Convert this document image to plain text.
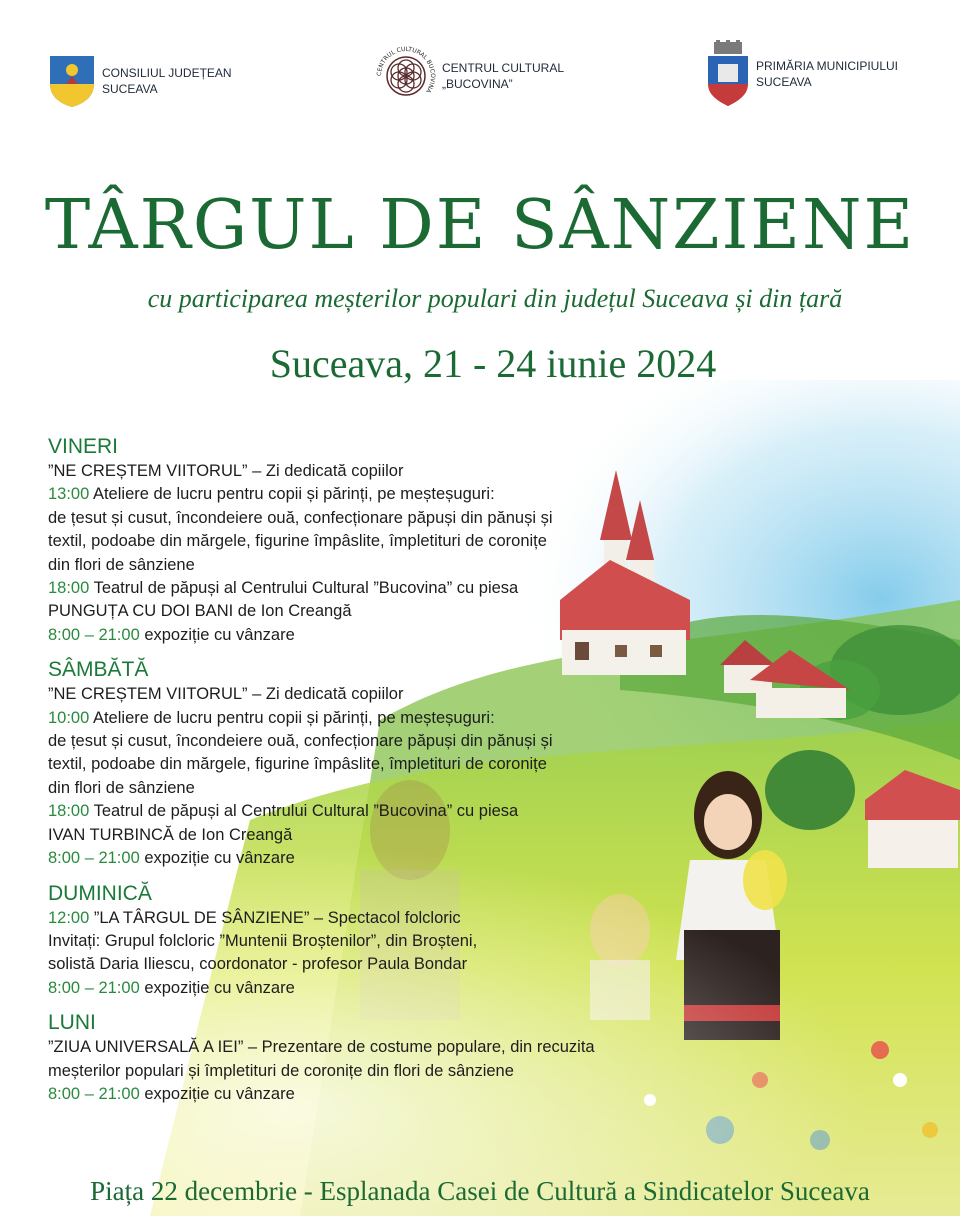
CONSILIUL JUDEȚEAN
SUCEAVA
CENTRUL CULTURAL BUCOVINA
CENTRUL CULTURAL
„BUCOVINA”
PRIMĂRIA MUNICIPIULUI
SUCEAVA
TÂRGUL DE SÂNZIENE
cu participarea meșterilor populari din județul Suceava și din țară
Suceava, 21 - 24 iunie 2024
VINERI
”NE CREȘTEM VIITORUL” – Zi dedicată copiilor
13:00 Ateliere de lucru pentru copii și părinți, pe meșteșuguri:
de țesut și cusut, încondeiere ouă, confecționare păpuși din pănuși și
textil, podoabe din mărgele, figurine împâslite, împletituri de coronițe
din flori de sânziene
18:00 Teatrul de păpuși al Centrului Cultural ”Bucovina” cu piesa
PUNGUȚA CU DOI BANI de Ion Creangă
8:00 – 21:00 expoziție cu vânzare
SÂMBĂTĂ
”NE CREȘTEM VIITORUL” – Zi dedicată copiilor
10:00 Ateliere de lucru pentru copii și părinți, pe meșteșuguri:
de țesut și cusut, încondeiere ouă, confecționare păpuși din pănuși și
textil, podoabe din mărgele, figurine împâslite, împletituri de coronițe
din flori de sânziene
18:00 Teatrul de păpuși al Centrului Cultural ”Bucovina” cu piesa
IVAN TURBINCĂ de Ion Creangă
8:00 – 21:00 expoziție cu vânzare
DUMINICĂ
12:00 ”LA TÂRGUL DE SÂNZIENE” – Spectacol folcloric
Invitați: Grupul folcloric ”Muntenii Broștenilor”, din Broșteni,
solistă Daria Iliescu, coordonator - profesor Paula Bondar
8:00 – 21:00 expoziție cu vânzare
LUNI
”ZIUA UNIVERSALĂ A IEI” – Prezentare de costume populare, din recuzita
meșterilor populari și împletituri de coronițe din flori de sânziene
8:00 – 21:00 expoziție cu vânzare
Piața 22 decembrie - Esplanada Casei de Cultură a Sindicatelor Suceava
